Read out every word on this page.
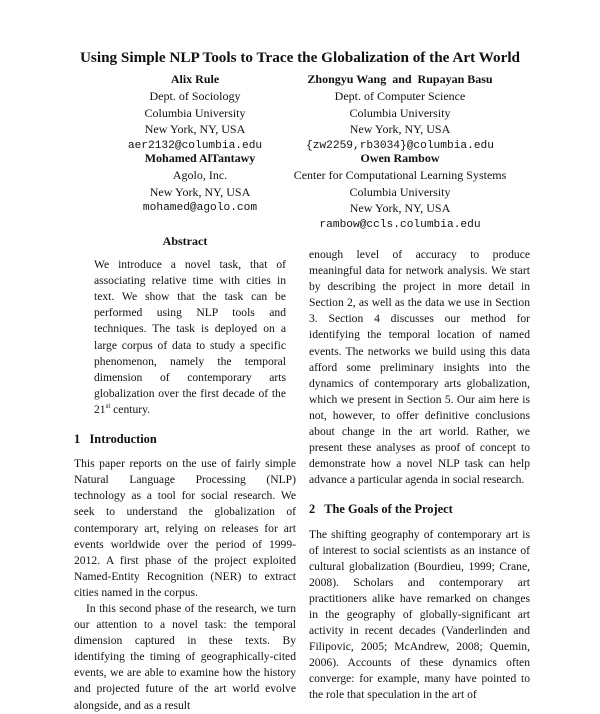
Using Simple NLP Tools to Trace the Globalization of the Art World
Alix Rule
Dept. of Sociology
Columbia University
New York, NY, USA
aer2132@columbia.edu
Zhongyu Wang  and  Rupayan Basu
Dept. of Computer Science
Columbia University
New York, NY, USA
{zw2259,rb3034}@columbia.edu
Mohamed AlTantawy
Agolo, Inc.
New York, NY, USA
mohamed@agolo.com
Owen Rambow
Center for Computational Learning Systems
Columbia University
New York, NY, USA
rambow@ccls.columbia.edu
Abstract

We introduce a novel task, that of associating relative time with cities in text. We show that the task can be performed using NLP tools and techniques. The task is deployed on a large corpus of data to study a specific phenomenon, namely the temporal dimension of contemporary arts globalization over the first decade of the 21st century.

1   Introduction

This paper reports on the use of fairly simple Natural Language Processing (NLP) technology as a tool for social research. We seek to understand the globalization of contemporary art, relying on releases for art events worldwide over the period of 1999-2012. A first phase of the project exploited Named-Entity Recognition (NER) to extract cities named in the corpus.

In this second phase of the research, we turn our attention to a novel task: the temporal dimension captured in these texts. By identifying the timing of geographically-cited events, we are able to examine how the history and projected future of the art world evolve alongside, and as a result

enough level of accuracy to produce meaningful data for network analysis. We start by describing the project in more detail in Section 2, as well as the data we use in Section 3. Section 4 discusses our method for identifying the temporal location of named events. The networks we build using this data afford some preliminary insights into the dynamics of contemporary arts globalization, which we present in Section 5. Our aim here is not, however, to offer definitive conclusions about change in the art world. Rather, we present these analyses as proof of concept to demonstrate how a novel NLP task can help advance a particular agenda in social research.

2   The Goals of the Project

The shifting geography of contemporary art is of interest to social scientists as an instance of cultural globalization (Bourdieu, 1999; Crane, 2008). Scholars and contemporary art practitioners alike have remarked on changes in the geography of globally-significant art activity in recent decades (Vanderlinden and Filipovic, 2005; McAndrew, 2008; Quemin, 2006). Accounts of these dynamics often converge: for example, many have pointed to the role that speculation in the art of
